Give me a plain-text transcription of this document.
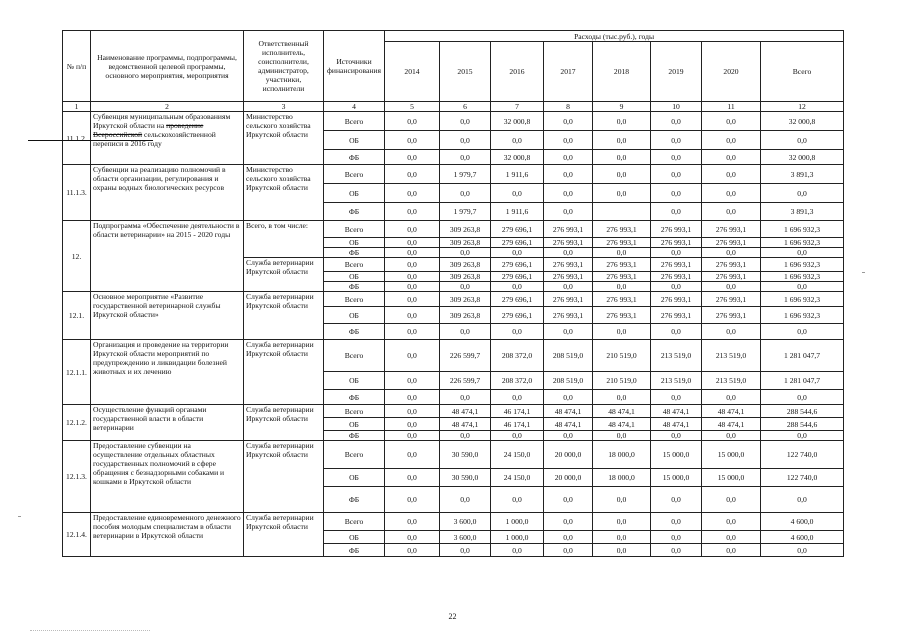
№ п/п	Наименование программы, подпрограммы, ведомственной целевой программы, основного мероприятия, мероприятия	Ответственный исполнитель, соисполнители, администратор, участники, исполнители	Источники финансирования	Расходы (тыс.руб.), годы							
				2014	2015	2016	2017	2018	2019	2020	Всего
1	2	3	4	5	6	7	8	9	10	11	12
11.1.2.	Субвенция муниципальным образованиям Иркутской области на проведение Всероссийской сельскохозяйственной переписи в 2016 году	Министерство сельского хозяйства Иркутской области	Всего	0,0	0,0	32 000,8	0,0	0,0	0,0	0,0	32 000,8
			ОБ	0,0	0,0	0,0	0,0	0,0	0,0	0,0	0,0
			ФБ	0,0	0,0	32 000,8	0,0	0,0	0,0	0,0	32 000,8
11.1.3.	Субвенции на реализацию полномочий в области организации, регулирования и охраны водных биологических ресурсов	Министерство сельского хозяйства Иркутской области	Всего	0,0	1 979,7	1 911,6	0,0	0,0	0,0	0,0	3 891,3
			ОБ	0,0	0,0	0,0	0,0	0,0	0,0	0,0	0,0
			ФБ	0,0	1 979,7	1 911,6	0,0		0,0	0,0	3 891,3
12.	Подпрограмма «Обеспечение деятельности в области ветеринарии» на 2015 - 2020 годы	Всего, в том числе:	Всего	0,0	309 263,8	279 696,1	276 993,1	276 993,1	276 993,1	276 993,1	1 696 932,3
			ОБ	0,0	309 263,8	279 696,1	276 993,1	276 993,1	276 993,1	276 993,1	1 696 932,3
			ФБ	0,0	0,0	0,0	0,0	0,0	0,0	0,0	0,0
		Служба ветеринарии Иркутской области	Всего	0,0	309 263,8	279 696,1	276 993,1	276 993,1	276 993,1	276 993,1	1 696 932,3
			ОБ	0,0	309 263,8	279 696,1	276 993,1	276 993,1	276 993,1	276 993,1	1 696 932,3
			ФБ	0,0	0,0	0,0	0,0	0,0	0,0	0,0	0,0
12.1.	Основное мероприятие «Развитие государственной ветеринарной службы Иркутской области»	Служба ветеринарии Иркутской области	Всего	0,0	309 263,8	279 696,1	276 993,1	276 993,1	276 993,1	276 993,1	1 696 932,3
			ОБ	0,0	309 263,8	279 696,1	276 993,1	276 993,1	276 993,1	276 993,1	1 696 932,3
			ФБ	0,0	0,0	0,0	0,0	0,0	0,0	0,0	0,0
12.1.1.	Организация и проведение на территории Иркутской области мероприятий по предупреждению и ликвидации болезней животных и их лечению	Служба ветеринарии Иркутской области	Всего	0,0	226 599,7	208 372,0	208 519,0	210 519,0	213 519,0	213 519,0	1 281 047,7
			ОБ	0,0	226 599,7	208 372,0	208 519,0	210 519,0	213 519,0	213 519,0	1 281 047,7
			ФБ	0,0	0,0	0,0	0,0	0,0	0,0	0,0	0,0
12.1.2.	Осуществление функций органами государственной власти в области ветеринарии	Служба ветеринарии Иркутской области	Всего	0,0	48 474,1	46 174,1	48 474,1	48 474,1	48 474,1	48 474,1	288 544,6
			ОБ	0,0	48 474,1	46 174,1	48 474,1	48 474,1	48 474,1	48 474,1	288 544,6
			ФБ	0,0	0,0	0,0	0,0	0,0	0,0	0,0	0,0
12.1.3.	Предоставление субвенции на осуществление отдельных областных государственных полномочий в сфере обращения с безнадзорными собаками и кошками в Иркутской области	Служба ветеринарии Иркутской области	Всего	0,0	30 590,0	24 150,0	20 000,0	18 000,0	15 000,0	15 000,0	122 740,0
			ОБ	0,0	30 590,0	24 150,0	20 000,0	18 000,0	15 000,0	15 000,0	122 740,0
			ФБ	0,0	0,0	0,0	0,0	0,0	0,0	0,0	0,0
12.1.4.	Предоставление единовременного денежного пособия молодым специалистам в области ветеринарии в Иркутской области	Служба ветеринарии Иркутской области	Всего	0,0	3 600,0	1 000,0	0,0	0,0	0,0	0,0	4 600,0
			ОБ	0,0	3 600,0	1 000,0	0,0	0,0	0,0	0,0	4 600,0
			ФБ	0,0	0,0	0,0	0,0	0,0	0,0	0,0	0,0
22
